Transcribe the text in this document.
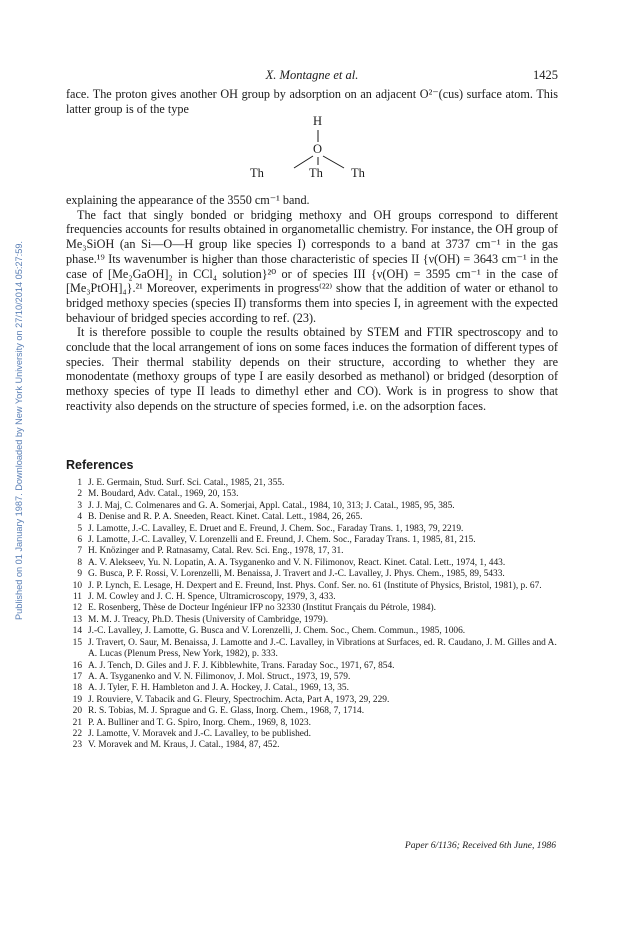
Published on 01 January 1987. Downloaded by New York University on 27/10/2014 05:27:59.
X. Montagne et al.	1425

face. The proton gives another OH group by adsorption on an adjacent O²⁻(cus) surface atom. This latter group is of the type

H
O
Th	Th Th

explaining the appearance of the 3550 cm⁻¹ band.

The fact that singly bonded or bridging methoxy and OH groups correspond to different frequencies accounts for results obtained in organometallic chemistry. For instance, the OH group of Me₃SiOH (an Si—O—H group like species I) corresponds to a band at 3737 cm⁻¹ in the gas phase.¹⁹ Its wavenumber is higher than those characteristic of species II {ν(OH) = 3643 cm⁻¹ in the case of [Me₂GaOH]₂ in CCl₄ solution}²⁰ or of species III {ν(OH) = 3595 cm⁻¹ in the case of [Me₃PtOH]₄}.²¹ Moreover, experiments in progress⁽²²⁾ show that the addition of water or ethanol to bridged methoxy species (species II) transforms them into species I, in agreement with the expected behaviour of bridged species according to ref. (23).

It is therefore possible to couple the results obtained by STEM and FTIR spectroscopy and to conclude that the local arrangement of ions on some faces induces the formation of different types of species. Their thermal stability depends on their structure, according to whether they are monodentate (methoxy groups of type I are easily desorbed as methanol) or bridged (desorption of methoxy species of type II leads to dimethyl ether and CO). Work is in progress to show that reactivity also depends on the structure of species formed, i.e. on the adsorption faces.

References
1 J. E. Germain, Stud. Surf. Sci. Catal., 1985, 21, 355.
2 M. Boudard, Adv. Catal., 1969, 20, 153.
3 J. J. Maj, C. Colmenares and G. A. Somerjai, Appl. Catal., 1984, 10, 313; J. Catal., 1985, 95, 385.
4 B. Denise and R. P. A. Sneeden, React. Kinet. Catal. Lett., 1984, 26, 265.
5 J. Lamotte, J.-C. Lavalley, E. Druet and E. Freund, J. Chem. Soc., Faraday Trans. 1, 1983, 79, 2219.
6 J. Lamotte, J.-C. Lavalley, V. Lorenzelli and E. Freund, J. Chem. Soc., Faraday Trans. 1, 1985, 81, 215.
7 H. Knözinger and P. Ratnasamy, Catal. Rev. Sci. Eng., 1978, 17, 31.
8 A. V. Alekseev, Yu. N. Lopatin, A. A. Tsyganenko and V. N. Filimonov, React. Kinet. Catal. Lett., 1974, 1, 443.
9 G. Busca, P. F. Rossi, V. Lorenzelli, M. Benaissa, J. Travert and J.-C. Lavalley, J. Phys. Chem., 1985, 89, 5433.
10 J. P. Lynch, E. Lesage, H. Dexpert and E. Freund, Inst. Phys. Conf. Ser. no. 61 (Institute of Physics, Bristol, 1981), p. 67.
11 J. M. Cowley and J. C. H. Spence, Ultramicroscopy, 1979, 3, 433.
12 E. Rosenberg, Thèse de Docteur Ingénieur IFP no 32330 (Institut Français du Pétrole, 1984).
13 M. M. J. Treacy, Ph.D. Thesis (University of Cambridge, 1979).
14 J.-C. Lavalley, J. Lamotte, G. Busca and V. Lorenzelli, J. Chem. Soc., Chem. Commun., 1985, 1006.
15 J. Travert, O. Saur, M. Benaissa, J. Lamotte and J.-C. Lavalley, in Vibrations at Surfaces, ed. R. Caudano, J. M. Gilles and A. A. Lucas (Plenum Press, New York, 1982), p. 333.
16 A. J. Tench, D. Giles and J. F. J. Kibblewhite, Trans. Faraday Soc., 1971, 67, 854.
17 A. A. Tsyganenko and V. N. Filimonov, J. Mol. Struct., 1973, 19, 579.
18 A. J. Tyler, F. H. Hambleton and J. A. Hockey, J. Catal., 1969, 13, 35.
19 J. Rouviere, V. Tabacik and G. Fleury, Spectrochim. Acta, Part A, 1973, 29, 229.
20 R. S. Tobias, M. J. Sprague and G. E. Glass, Inorg. Chem., 1968, 7, 1714.
21 P. A. Bulliner and T. G. Spiro, Inorg. Chem., 1969, 8, 1023.
22 J. Lamotte, V. Moravek and J.-C. Lavalley, to be published.
23 V. Moravek and M. Kraus, J. Catal., 1984, 87, 452.
Paper 6/1136; Received 6th June, 1986
